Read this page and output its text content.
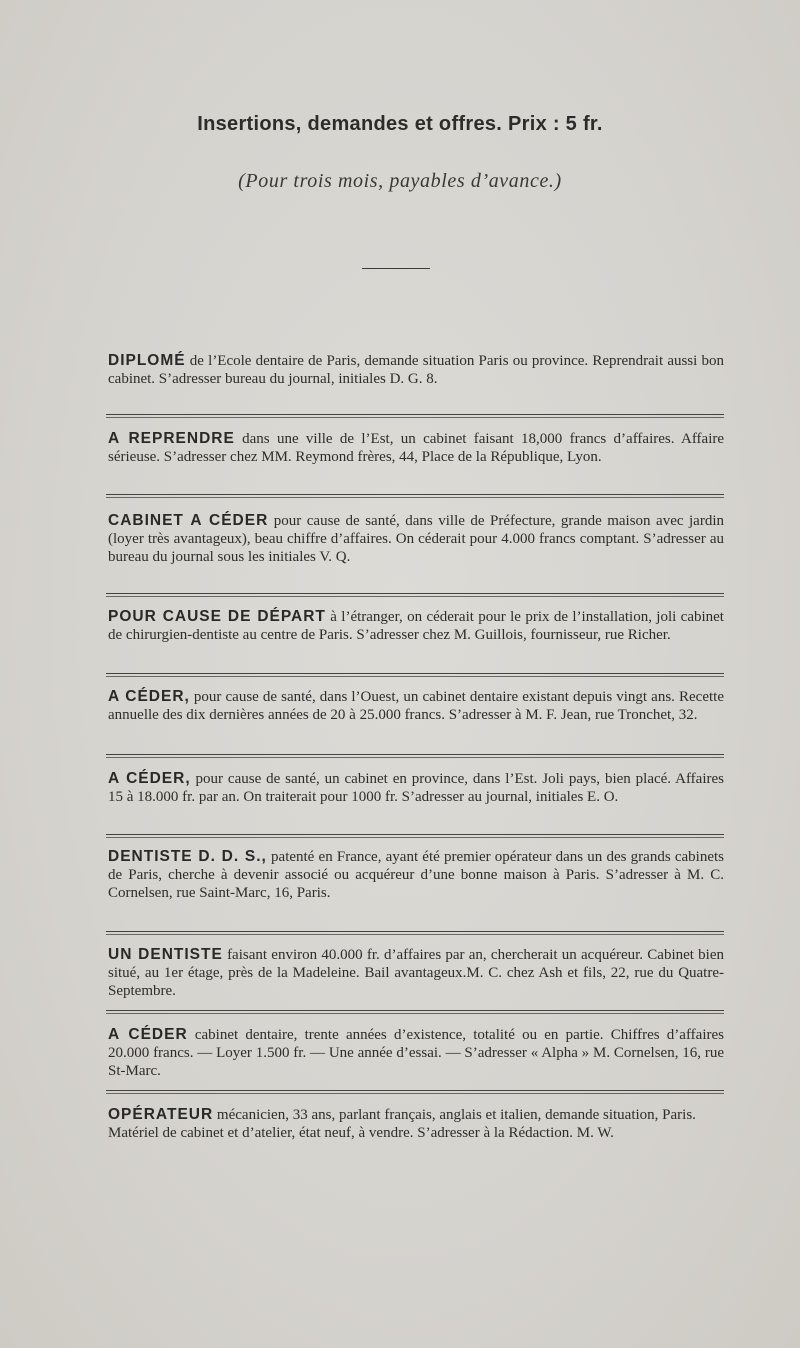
Insertions, demandes et offres. Prix : 5 fr.
(Pour trois mois, payables d’avance.)

DIPLOMÉ de l’Ecole dentaire de Paris, demande situation Paris ou province. Reprendrait aussi bon cabinet. S’adresser bureau du journal, initiales D. G. 8.

A REPRENDRE dans une ville de l’Est, un cabinet faisant 18,000 francs d’affaires. Affaire sérieuse. S’adresser chez MM. Reymond frères, 44, Place de la République, Lyon.

CABINET A CÉDER pour cause de santé, dans ville de Préfecture, grande maison avec jardin (loyer très avantageux), beau chiffre d’affaires. On céderait pour 4.000 francs comptant. S’adresser au bureau du journal sous les initiales V. Q.

POUR CAUSE DE DÉPART à l’étranger, on céderait pour le prix de l’installation, joli cabinet de chirurgien-dentiste au centre de Paris. S’adresser chez M. Guillois, fournisseur, rue Richer.

A CÉDER, pour cause de santé, dans l’Ouest, un cabinet dentaire existant depuis vingt ans. Recette annuelle des dix dernières années de 20 à 25.000 francs. S’adresser à M. F. Jean, rue Tronchet, 32.

A CÉDER, pour cause de santé, un cabinet en province, dans l’Est. Joli pays, bien placé. Affaires 15 à 18.000 fr. par an. On traiterait pour 1000 fr. S’adresser au journal, initiales E. O.

DENTISTE D. D. S., patenté en France, ayant été premier opérateur dans un des grands cabinets de Paris, cherche à devenir associé ou acquéreur d’une bonne maison à Paris. S’adresser à M. C. Cornelsen, rue Saint-Marc, 16, Paris.

UN DENTISTE faisant environ 40.000 fr. d’affaires par an, chercherait un acquéreur. Cabinet bien situé, au 1er étage, près de la Madeleine. Bail avantageux.M. C. chez Ash et fils, 22, rue du Quatre-Septembre.

A CÉDER cabinet dentaire, trente années d’existence, totalité ou en partie. Chiffres d’affaires 20.000 francs. — Loyer 1.500 fr. — Une année d’essai. — S’adresser « Alpha » M. Cornelsen, 16, rue St-Marc.

OPÉRATEUR mécanicien, 33 ans, parlant français, anglais et italien, demande situation, Paris.

Matériel de cabinet et d’atelier, état neuf, à vendre. S’adresser à la Rédaction. M. W.
